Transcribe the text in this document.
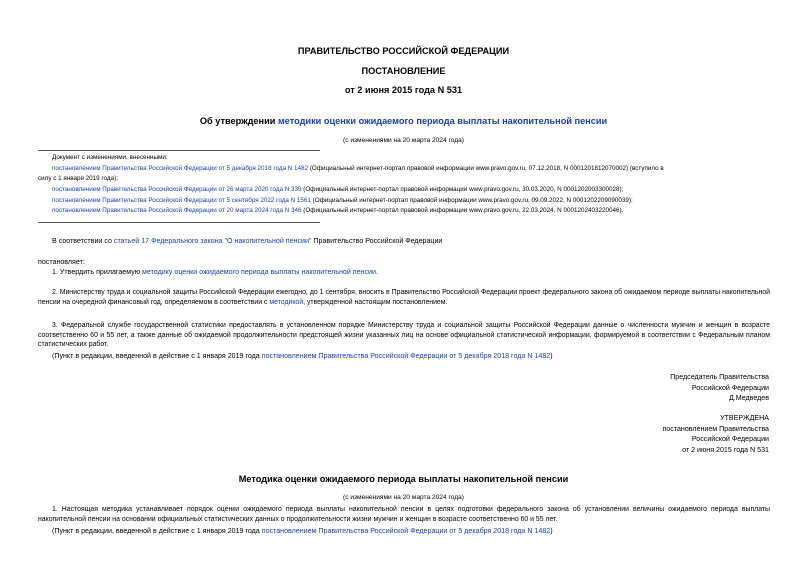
ПРАВИТЕЛЬСТВО РОССИЙСКОЙ ФЕДЕРАЦИИ
ПОСТАНОВЛЕНИЕ
от 2 июня 2015 года N 531
Об утверждении методики оценки ожидаемого периода выплаты накопительной пенсии
(с изменениями на 20 марта 2024 года)
Документ с изменениями, внесенными:
постановлением Правительства Российской Федерации от 5 декабря 2018 года N 1482 (Официальный интернет-портал правовой информации www.pravo.gov.ru, 07.12.2018, N 0001201812070002) (вступило в
силу с 1 января 2019 года);
постановлением Правительства Российской Федерации от 26 марта 2020 года N 339 (Официальный интернет-портал правовой информации www.pravo.gov.ru, 30.03.2020, N 0001202003300028);
постановлением Правительства Российской Федерации от 5 сентября 2022 года N 1561 (Официальный интернет-портал правовой информации www.pravo.gov.ru, 09.09.2022, N 0001202209090039);
постановлением Правительства Российской Федерации от 20 марта 2024 года N 346 (Официальный интернет-портал правовой информации www.pravo.gov.ru, 22.03.2024, N 0001202403220046).
В соответствии со статьей 17 Федерального закона "О накопительной пенсии" Правительство Российской Федерации
постановляет:
1. Утвердить прилагаемую методику оценки ожидаемого периода выплаты накопительной пенсии.
2. Министерству труда и социальной защиты Российской Федерации ежегодно, до 1 сентября, вносить в Правительство Российской Федерации проект федерального закона об ожидаемом периоде выплаты накопительной пенсии на очередной финансовый год, определяемом в соответствии с методикой, утвержденной настоящим постановлением.
3. Федеральной службе государственной статистики предоставлять в установленном порядке Министерству труда и социальной защиты Российской Федерации данные о численности мужчин и женщин в возрасте соответственно 60 и 55 лет, а также данные об ожидаемой продолжительности предстоящей жизни указанных лиц на основе официальной статистической информации, формируемой в соответствии с Федеральным планом статистических работ.
(Пункт в редакции, введенной в действие с 1 января 2019 года постановлением Правительства Российской Федерации от 5 декабря 2018 года N 1482)
Председатель Правительства
Российской Федерации
Д.Медведев
УТВЕРЖДЕНА
постановлением Правительства
Российской Федерации
от 2 июня 2015 года N 531
Методика оценки ожидаемого периода выплаты накопительной пенсии
(с изменениями на 20 марта 2024 года)
1. Настоящая методика устанавливает порядок оценки ожидаемого периода выплаты накопительной пенсии в целях подготовки федерального закона об установлении величины ожидаемого периода выплаты накопительной пенсии на основании официальных статистических данных о продолжительности жизни мужчин и женщин в возрасте соответственно 60 и 55 лет.
(Пункт в редакции, введенной в действие с 1 января 2019 года постановлением Правительства Российской Федерации от 5 декабря 2018 года N 1482)
